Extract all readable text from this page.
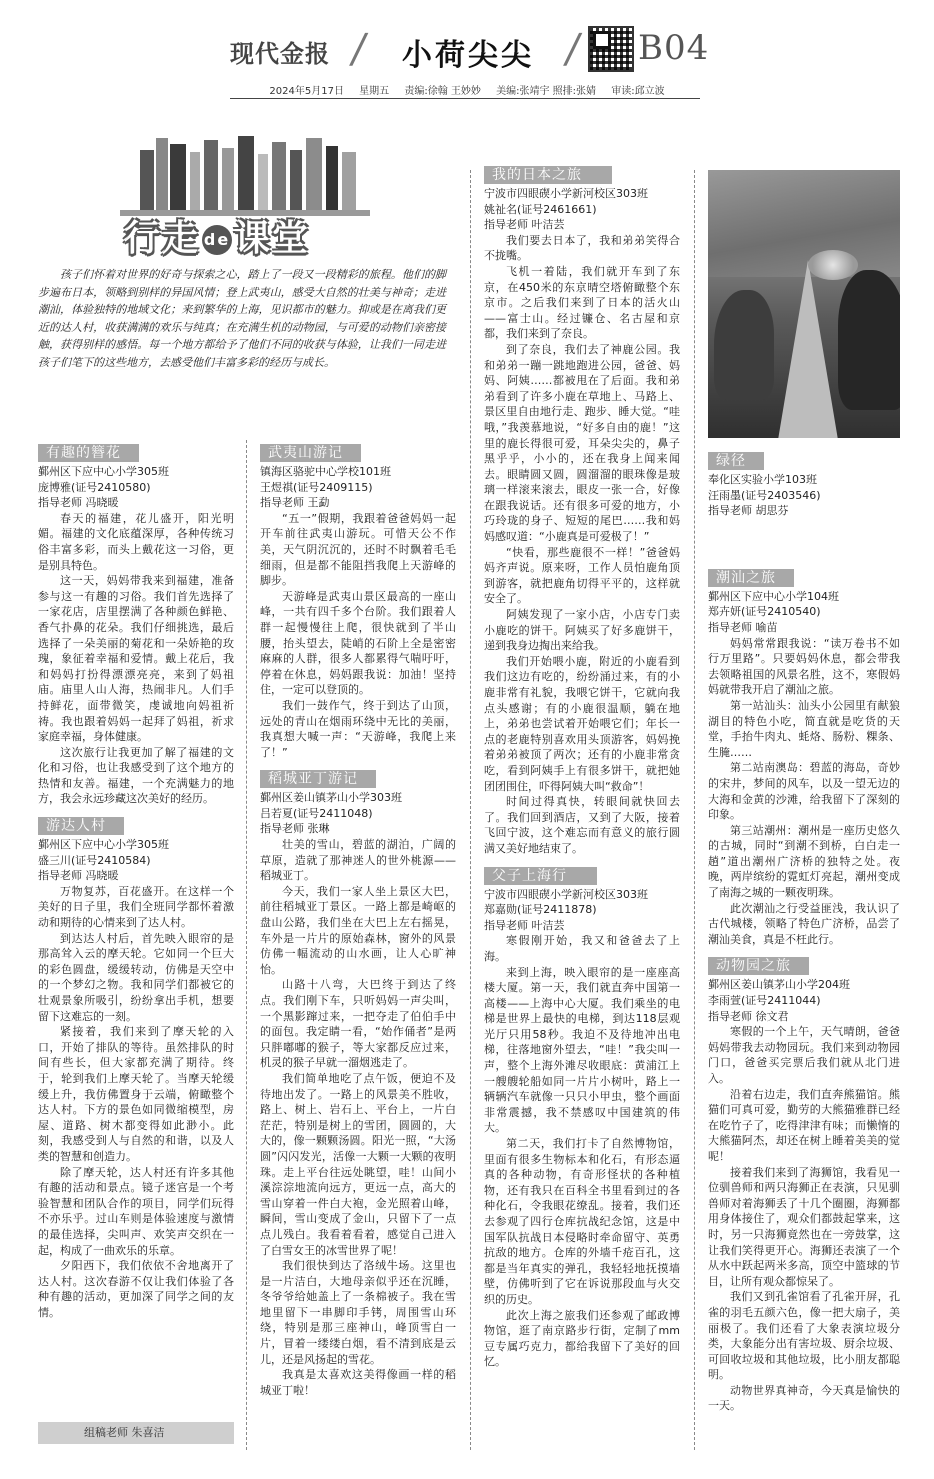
现代金报 / 小荷尖尖 / B04
2024年5月17日 星期五 责编:徐翰 王妙妙 美编:张靖宇 照排:张婧 审读:邱立波
行走 de 课堂
孩子们怀着对世界的好奇与探索之心，踏上了一段又一段精彩的旅程。他们的脚步遍布日本，领略到别样的异国风情；登上武夷山，感受大自然的壮美与神奇；走进潮汕，体验独特的地域文化；来到繁华的上海，见识都市的魅力。抑或是在离我们更近的达人村，收获满满的欢乐与纯真；在充满生机的动物园，与可爱的动物们亲密接触，获得别样的感悟。每一个地方都给予了他们不同的收获与体验，让我们一同走进孩子们笔下的这些地方，去感受他们丰富多彩的经历与成长。
有趣的簪花
鄞州区下应中心小学305班
庞博雅(证号2410580)
指导老师 冯晓暖

春天的福建，花儿盛开，阳光明媚。福建的文化底蕴深厚，各种传统习俗丰富多彩，而头上戴花这一习俗，更是别具特色。

这一天，妈妈带我来到福建，准备参与这一有趣的习俗。我们首先选择了一家花店，店里摆满了各种颜色鲜艳、香气扑鼻的花朵。我们仔细挑选，最后选择了一朵美丽的菊花和一朵娇艳的玫瑰，象征着幸福和爱情。戴上花后，我和妈妈打扮得漂漂亮亮，来到了妈祖庙。庙里人山人海，热闹非凡。人们手持鲜花，面带微笑，虔诚地向妈祖祈祷。我也跟着妈妈一起拜了妈祖，祈求家庭幸福，身体健康。

这次旅行让我更加了解了福建的文化和习俗，也让我感受到了这个地方的热情和友善。福建，一个充满魅力的地方，我会永远珍藏这次美好的经历。

游达人村
鄞州区下应中心小学305班
盛三川(证号2410584)
指导老师 冯晓暖

万物复苏，百花盛开。在这样一个美好的日子里，我们全班同学都怀着激动和期待的心情来到了达人村。

到达达人村后，首先映入眼帘的是那高耸入云的摩天轮。它如同一个巨大的彩色圆盘，缓缓转动，仿佛是天空中的一个梦幻之物。我和同学们都被它的壮观景象所吸引，纷纷拿出手机，想要留下这难忘的一刻。

紧接着，我们来到了摩天轮的入口，开始了排队的等待。虽然排队的时间有些长，但大家都充满了期待。终于，轮到我们上摩天轮了。当摩天轮缓缓上升，我仿佛置身于云端，俯瞰整个达人村。下方的景色如同微缩模型，房屋、道路、树木都变得如此渺小。此刻，我感受到人与自然的和谐，以及人类的智慧和创造力。

除了摩天轮，达人村还有许多其他有趣的活动和景点。镜子迷宫是一个考验智慧和团队合作的项目，同学们玩得不亦乐乎。过山车则是体验速度与激情的最佳选择，尖叫声、欢笑声交织在一起，构成了一曲欢乐的乐章。

夕阳西下，我们依依不舍地离开了达人村。这次春游不仅让我们体验了各种有趣的活动，更加深了同学之间的友情。

组稿老师 朱喜洁
武夷山游记
镇海区骆驼中心学校101班
王煜祺(证号2409115)
指导老师 王勐

“五一”假期，我跟着爸爸妈妈一起开车前往武夷山游玩。可惜天公不作美，天气阴沉沉的，还时不时飘着毛毛细雨，但是都不能阻挡我爬上天游峰的脚步。

天游峰是武夷山景区最高的一座山峰，一共有四千多个台阶。我们跟着人群一起慢慢往上爬，很快就到了半山腰，抬头望去，陡峭的石阶上全是密密麻麻的人群，很多人都累得气喘吁吁，停着在休息，妈妈跟我说：加油！坚持住，一定可以登顶的。

我们一鼓作气，终于到达了山顶，远处的青山在烟雨环绕中无比的美丽，我真想大喊一声：“天游峰，我爬上来了！”

稻城亚丁游记
鄞州区姜山镇茅山小学303班
吕若夏(证号2411048)
指导老师 张琳

壮美的雪山，碧蓝的湖泊，广阔的草原，造就了那神迷人的世外桃源——稻城亚丁。

今天，我们一家人坐上景区大巴，前往稻城亚丁景区。一路上都是崎岖的盘山公路，我们坐在大巴上左右摇晃，车外是一片片的原始森林，窗外的风景仿佛一幅流动的山水画，让人心旷神怡。

山路十八弯，大巴终于到达了终点。我们刚下车，只听妈妈一声尖叫，一个黑影蹿过来，一把夺走了伯伯手中的面包。我定睛一看，“始作俑者”是两只胖嘟嘟的猴子，等大家都反应过来，机灵的猴子早就一溜烟逃走了。

我们简单地吃了点午饭，便迫不及待地出发了。一路上的风景美不胜收，路上、树上、岩石上、平台上，一片白茫茫，特别是树上的雪团，圆圆的，大大的，像一颗颗汤圆。阳光一照，“大汤圆”闪闪发光，活像一大颗一大颗的夜明珠。走上平台往远处眺望，哇！山间小溪淙淙地流向远方，更远一点，高大的雪山穿着一件白大袍，金光照着山峰，瞬间，雪山变成了金山，只留下了一点点儿残白。我看着看着，感觉自己进入了白雪女王的冰雪世界了呢！

我们很快到达了洛绒牛场。这里也是一片洁白，大地母亲似乎还在沉睡，冬爷爷给她盖上了一条棉被子。我在雪地里留下一串脚印手铐，周围雪山环绕，特别是那三座神山，峰顶雪白一片，冒着一缕缕白烟，看不清到底是云儿，还是风扬起的雪花。

我真是太喜欢这美得像画一样的稻城亚丁啦！

我的日本之旅
宁波市四眼碶小学新河校区303班
姚祉名(证号2461661)
指导老师 叶洁芸

我们要去日本了，我和弟弟笑得合不拢嘴。

飞机一着陆，我们就开车到了东京，在450米的东京晴空塔俯瞰整个东京市。之后我们来到了日本的活火山——富士山。经过镰仓、名古屋和京都，我们来到了奈良。

到了奈良，我们去了神鹿公园。我和弟弟一蹦一跳地跑进公园，爸爸、妈妈、阿姨……都被甩在了后面。我和弟弟看到了许多小鹿在草地上、马路上、景区里自由地行走、跑步、睡大觉。“哇哦，”我羡慕地说，“好多自由的鹿！”这里的鹿长得很可爱，耳朵尖尖的，鼻子黑乎乎，小小的，还在我身上闻来闻去。眼睛圆又圆，圆溜溜的眼珠像是玻璃一样滚来滚去，眼皮一张一合，好像在跟我说话。还有很多可爱的地方，小巧玲珑的身子、短短的尾巴……我和妈妈感叹道：“小鹿真是可爱极了！”

“快看，那些鹿很不一样！”爸爸妈妈齐声说。原来呀，工作人员怕鹿角顶到游客，就把鹿角切得平平的，这样就安全了。

阿姨发现了一家小店，小店专门卖小鹿吃的饼干。阿姨买了好多鹿饼干，递到我身边掏出来给我。

我们开始喂小鹿，附近的小鹿看到我们这边有吃的，纷纷涌过来，有的小鹿非常有礼貌，我喂它饼干，它就向我点头感谢；有的小鹿很温顺，躺在地上，弟弟也尝试着开始喂它们；年长一点的老鹿特别喜欢用头顶游客，妈妈挽着弟弟被顶了两次；还有的小鹿非常贪吃，看到阿姨手上有很多饼干，就把她团团围住，吓得阿姨大叫“救命”！

时间过得真快，转眼间就快回去了。我们回到酒店，又到了大阪，接着飞回宁波，这个难忘而有意义的旅行圆满又美好地结束了。

父子上海行
宁波市四眼碶小学新河校区303班
郑嘉勋(证号2411878)
指导老师 叶洁芸

寒假刚开始，我又和爸爸去了上海。

来到上海，映入眼帘的是一座座高楼大厦。第一天，我们就直奔中国第一高楼——上海中心大厦。我们乘坐的电梯是世界上最快的电梯，到达118层观光厅只用58秒。我迫不及待地冲出电梯，往落地窗外望去，“哇！”我尖叫一声，整个上海外滩尽收眼底：黄浦江上一艘艘轮船如同一片片小树叶，路上一辆辆汽车就像一只只小甲虫，整个画面非常震撼，我不禁感叹中国建筑的伟大。

第二天，我们打卡了自然博物馆，里面有很多生物标本和化石，有形态逼真的各种动物，有奇形怪状的各种植物，还有我只在百科全书里看到过的各种化石，令我眼花缭乱。接着，我们还去参观了四行仓库抗战纪念馆，这是中国军队抗战日本侵略时牵命留守、英勇抗敌的地方。仓库的外墙千疮百孔，这都是当年真实的弹孔，我轻轻地抚摸墙壁，仿佛听到了它在诉说那段血与火交织的历史。

此次上海之旅我们还参观了邮政博物馆，逛了南京路步行街，定制了mm豆专属巧克力，都给我留下了美好的回忆。

绿径
奉化区实验小学103班
汪雨墨(证号2403546)
指导老师 胡思芬
潮汕之旅
鄞州区下应中心小学104班
郑卉妍(证号2410540)
指导老师 喻苗

妈妈常常跟我说：“读万卷书不如行万里路”。只要妈妈休息，都会带我去领略祖国的风景名胜，这不，寒假妈妈就带我开启了潮汕之旅。

第一站汕头：汕头小公园里有献狼湖目的特色小吃，简直就是吃货的天堂，手抬牛肉丸、蚝烙、肠粉、粿条、生腌……

第二站南澳岛：碧蓝的海岛，奇妙的宋井，梦间的风车，以及一望无边的大海和金黄的沙滩，给我留下了深刻的印象。

第三站潮州：潮州是一座历史悠久的古城，同时“到潮不到桥，白白走一趟”道出潮州广济桥的独特之处。夜晚，两岸缤纷的霓虹灯亮起，潮州变成了南海之城的一颗夜明珠。

此次潮汕之行受益匪浅，我认识了古代城楼，领略了特色广济桥，品尝了潮汕美食，真是不枉此行。

动物园之旅
鄞州区姜山镇茅山小学204班
李雨萱(证号2411044)
指导老师 徐文君

寒假的一个上午，天气晴朗，爸爸妈妈带我去动物园玩。我们来到动物园门口，爸爸买完票后我们就从北门进入。

沿着右边走，我们直奔熊猫馆。熊猫们可真可爱，勤劳的大熊猫雅群已经在吃竹子了，吃得津津有味；而懒惰的大熊猫阿杰，却还在树上睡着美美的觉呢！

接着我们来到了海狮馆，我看见一位驯兽师和两只海狮正在表演，只见驯兽师对着海狮丢了十几个圈圈，海狮都用身体接住了，观众们都鼓起掌来，这时，另一只海狮竟然也在一旁鼓掌，这让我们笑得更开心。海狮还表演了一个从水中跃起两米多高，顶空中篮球的节目，让所有观众都惊呆了。

我们又到孔雀馆看了孔雀开屏，孔雀的羽毛五颜六色，像一把大扇子，美丽极了。我们还看了大象表演垃圾分类，大象能分出有害垃圾、厨余垃圾、可回收垃圾和其他垃圾，比小朋友都聪明。

动物世界真神奇，今天真是愉快的一天。
